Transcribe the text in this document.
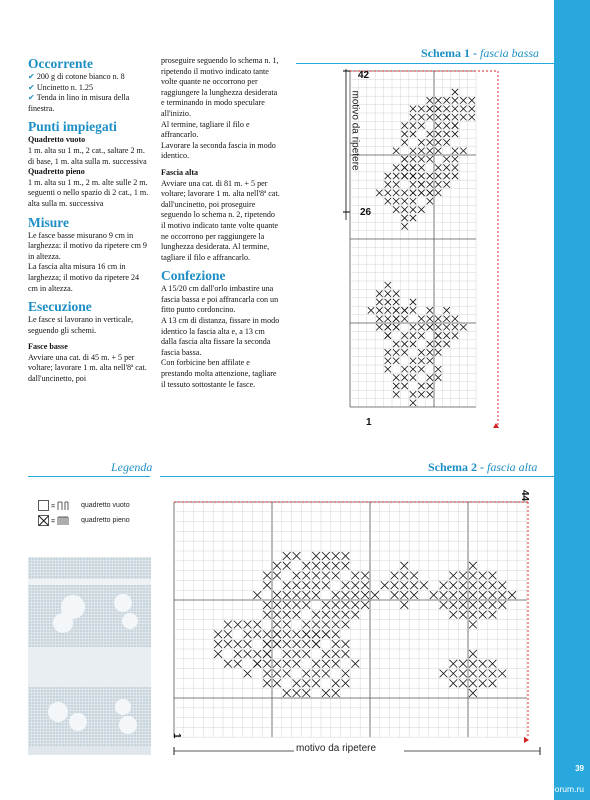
Occorrente

✔ 200 g di cotone bianco n. 8

✔ Uncinetto n. 1.25

✔ Tenda in lino in misura della finestra.

Punti impiegati

Quadretto vuoto

1 m. alta su 1 m., 2 cat., saltare 2 m. di base, 1 m. alta sulla m. successiva

Quadretto pieno

1 m. alta su 1 m., 2 m. alte sulle 2 m. seguenti o nello spazio di 2 cat., 1 m. alta sulla m. successiva

Misure

Le fasce basse misurano 9 cm in larghezza: il motivo da ripetere cm 9 in altezza.

La fascia alta misura 16 cm in larghezza; il motivo da ripetere 24 cm in altezza.

Esecuzione

Le fasce si lavorano in verticale, seguendo gli schemi.

Fasce basse

Avviare una cat. di 45 m. + 5 per voltare; lavorare 1 m. alta nell'8ª cat. dall'uncinetto, poi

proseguire seguendo lo schema n. 1, ripetendo il motivo indicato tante volte quante ne occorrono per raggiungere la lunghezza desiderata e terminando in modo speculare all'inizio.

Al termine, tagliare il filo e affrancarlo.

Lavorare la seconda fascia in modo identico.

Fascia alta

Avviare una cat. di 81 m. + 5 per voltare; lavorare 1 m. alta nell'8ª cat. dall'uncinetto, poi proseguire seguendo lo schema n. 2, ripetendo il motivo indicato tante volte quante ne occorrono per raggiungere la lunghezza desiderata. Al termine, tagliare il filo e affrancarlo.

Confezione

A 15/20 cm dall'orlo imbastire una fascia bassa e poi affrancarla con un fitto punto cordoncino.

A 13 cm di distanza, fissare in modo identico la fascia alta e, a 13 cm dalla fascia alta fissare la seconda fascia bassa.

Con forbicine ben affilate e prestando molta attenzione, tagliare il tessuto sottostante le fasce.

Schema 1 - fascia bassa
42
26
1
motivo da ripetere
Schema 2 - fascia alta
Legenda
=	quadretto vuoto
=	quadretto pieno
44
1
motivo da ripetere
39
PassionForum.ru
